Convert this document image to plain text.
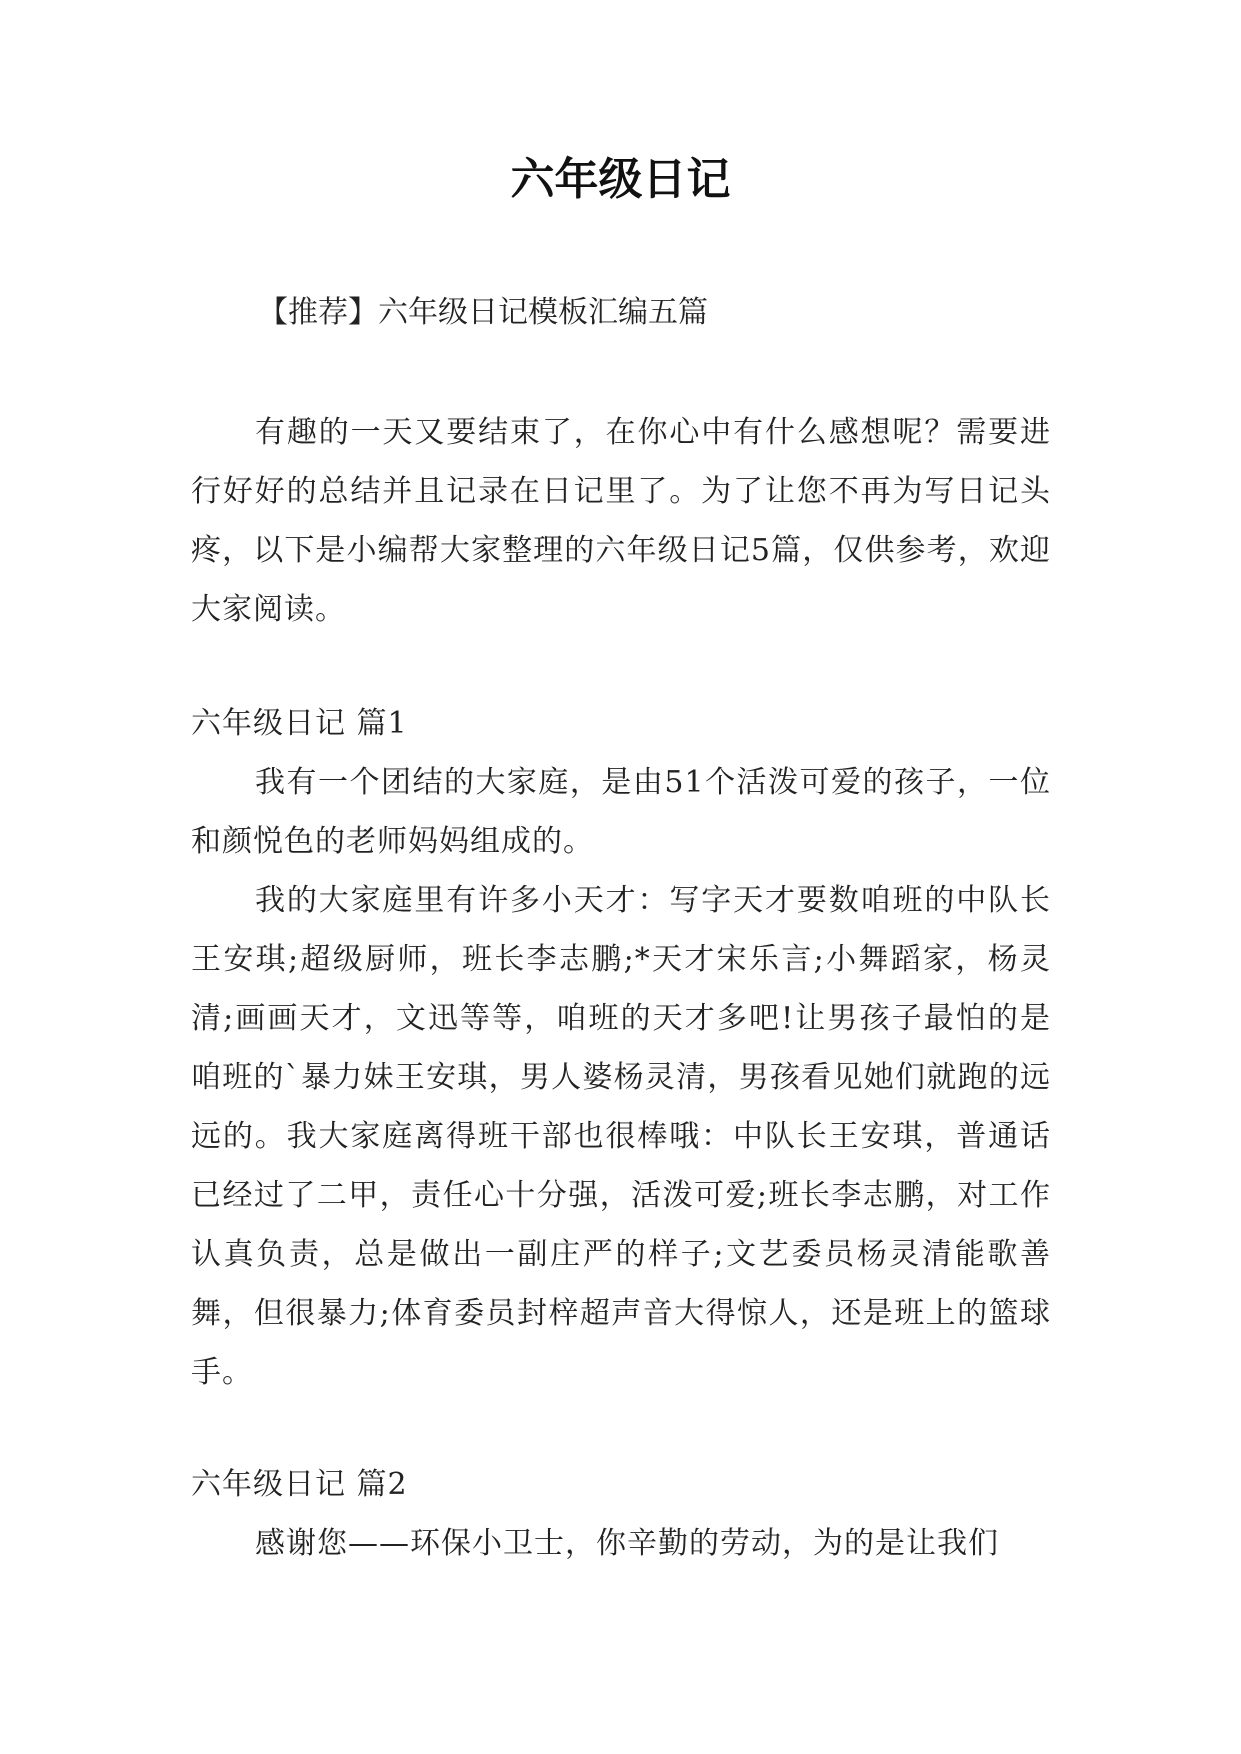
六年级日记

【推荐】六年级日记模板汇编五篇

有趣的一天又要结束了，在你心中有什么感想呢？需要进行好好的总结并且记录在日记里了。为了让您不再为写日记头疼，以下是小编帮大家整理的六年级日记5篇，仅供参考，欢迎大家阅读。

六年级日记 篇1

我有一个团结的大家庭，是由51个活泼可爱的孩子，一位和颜悦色的老师妈妈组成的。

我的大家庭里有许多小天才：写字天才要数咱班的中队长王安琪;超级厨师，班长李志鹏;*天才宋乐言;小舞蹈家，杨灵清;画画天才，文迅等等，咱班的天才多吧!让男孩子最怕的是咱班的`暴力妹王安琪，男人婆杨灵清，男孩看见她们就跑的远远的。我大家庭离得班干部也很棒哦：中队长王安琪，普通话已经过了二甲，责任心十分强，活泼可爱;班长李志鹏，对工作认真负责，总是做出一副庄严的样子;文艺委员杨灵清能歌善舞，但很暴力;体育委员封梓超声音大得惊人，还是班上的篮球手。

六年级日记 篇2

感谢您——环保小卫士，你辛勤的劳动，为的是让我们
